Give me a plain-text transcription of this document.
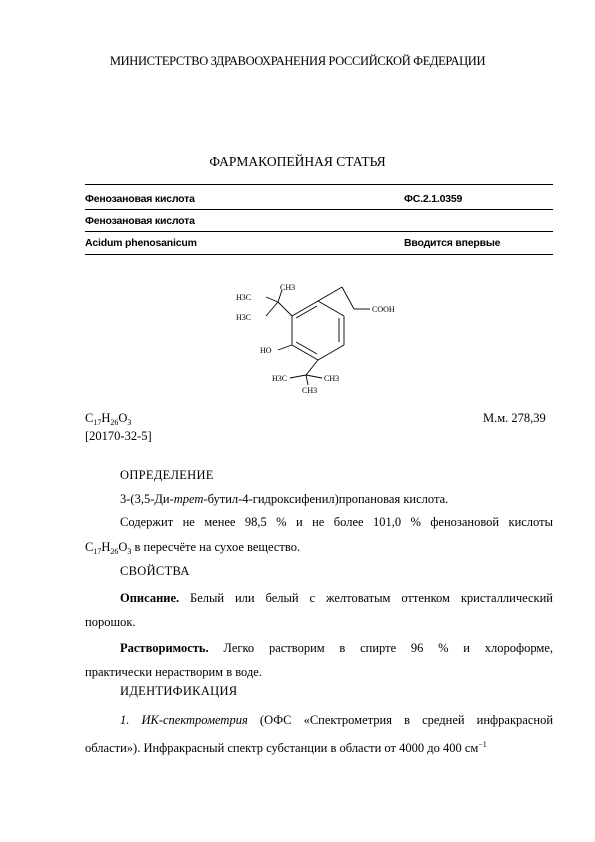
МИНИСТЕРСТВО ЗДРАВООХРАНЕНИЯ РОССИЙСКОЙ ФЕДЕРАЦИИ
ФАРМАКОПЕЙНАЯ СТАТЬЯ
Фенозановая кислота	ФС.2.1.0359
Фенозановая кислота
Acidum phenosanicum	Вводится впервые
CH3
H3C
H3C
COOH
HO
H3C	CH3
CH3
$C_{17}H_{26}O_3$	М.м. 278,39
[20170-32-5]
ОПРЕДЕЛЕНИЕ
3-(3,5-Ди-трет-бутил-4-гидроксифенил)пропановая кислота.
Содержит не менее 98,5 % и не более 101,0 % фенозановой кислоты
$C_{17}H_{26}O_3$ в пересчёте на сухое вещество.
СВОЙСТВА
Описание. Белый или белый с желтоватым оттенком кристаллический
порошок.
Растворимость. Легко растворим в спирте 96 % и хлороформе,
практически нерастворим в воде.
ИДЕНТИФИКАЦИЯ
1. ИК-спектрометрия (ОФС «Спектрометрия в средней инфракрасной
области»). Инфракрасный спектр субстанции в области от 4000 до 400 $см^{-1}$
